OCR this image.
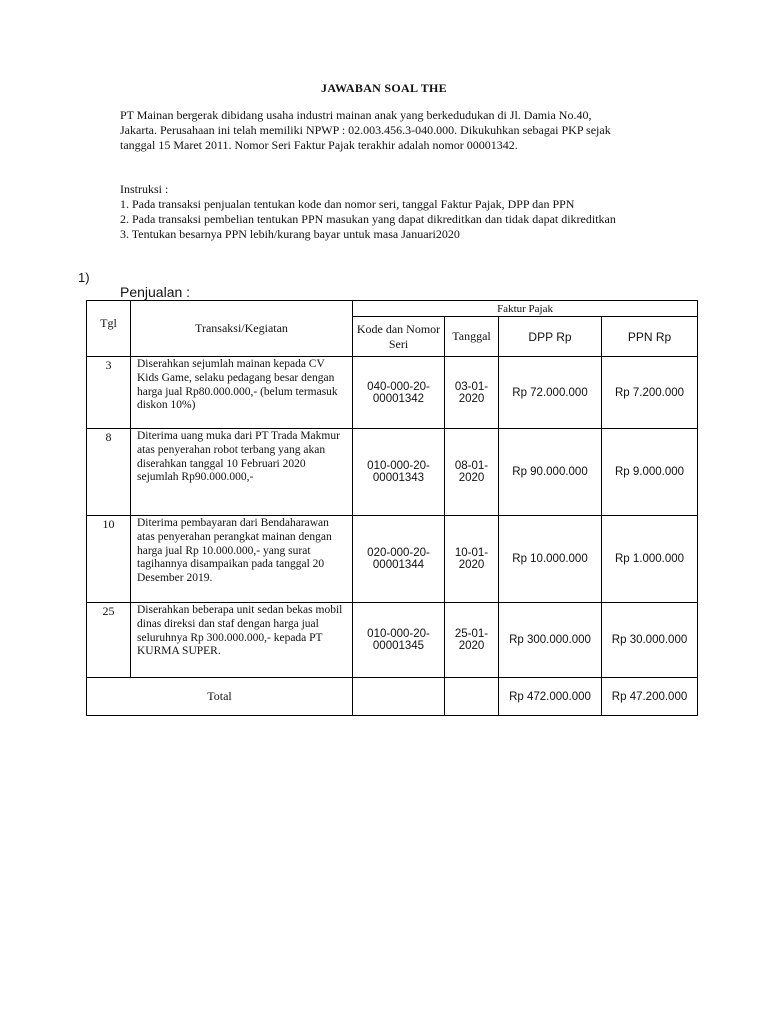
JAWABAN SOAL THE

PT Mainan bergerak dibidang usaha industri mainan anak yang berkedudukan di Jl. Damia No.40, Jakarta. Perusahaan ini telah memiliki NPWP : 02.003.456.3-040.000. Dikukuhkan sebagai PKP sejak tanggal 15 Maret 2011. Nomor Seri Faktur Pajak terakhir adalah nomor 00001342.

Instruksi :

1. Pada transaksi penjualan tentukan kode dan nomor seri, tanggal Faktur Pajak, DPP dan PPN

2. Pada transaksi pembelian tentukan PPN masukan yang dapat dikreditkan dan tidak dapat dikreditkan

3. Tentukan besarnya PPN lebih/kurang bayar untuk masa Januari2020

1)
Penjualan :
Tgl	Transaksi/Kegiatan	Faktur Pajak			
		Kode dan Nomor Seri	Tanggal	DPP Rp	PPN Rp
3	Diserahkan sejumlah mainan kepada CV Kids Game, selaku pedagang besar dengan harga jual Rp80.000.000,- (belum termasuk diskon 10%)	040-000-20-00001342	03-01-2020	Rp 72.000.000	Rp 7.200.000
8	Diterima uang muka dari PT Trada Makmur atas penyerahan robot terbang yang akan diserahkan tanggal 10 Februari 2020 sejumlah Rp90.000.000,-	010-000-20-00001343	08-01-2020	Rp 90.000.000	Rp 9.000.000
10	Diterima pembayaran dari Bendaharawan atas penyerahan perangkat mainan dengan harga jual Rp 10.000.000,- yang surat tagihannya disampaikan pada tanggal 20 Desember 2019.	020-000-20-00001344	10-01-2020	Rp 10.000.000	Rp 1.000.000
25	Diserahkan beberapa unit sedan bekas mobil dinas direksi dan staf dengan harga jual seluruhnya Rp 300.000.000,- kepada PT KURMA SUPER.	010-000-20-00001345	25-01-2020	Rp 300.000.000	Rp 30.000.000
Total				Rp 472.000.000	Rp 47.200.000
